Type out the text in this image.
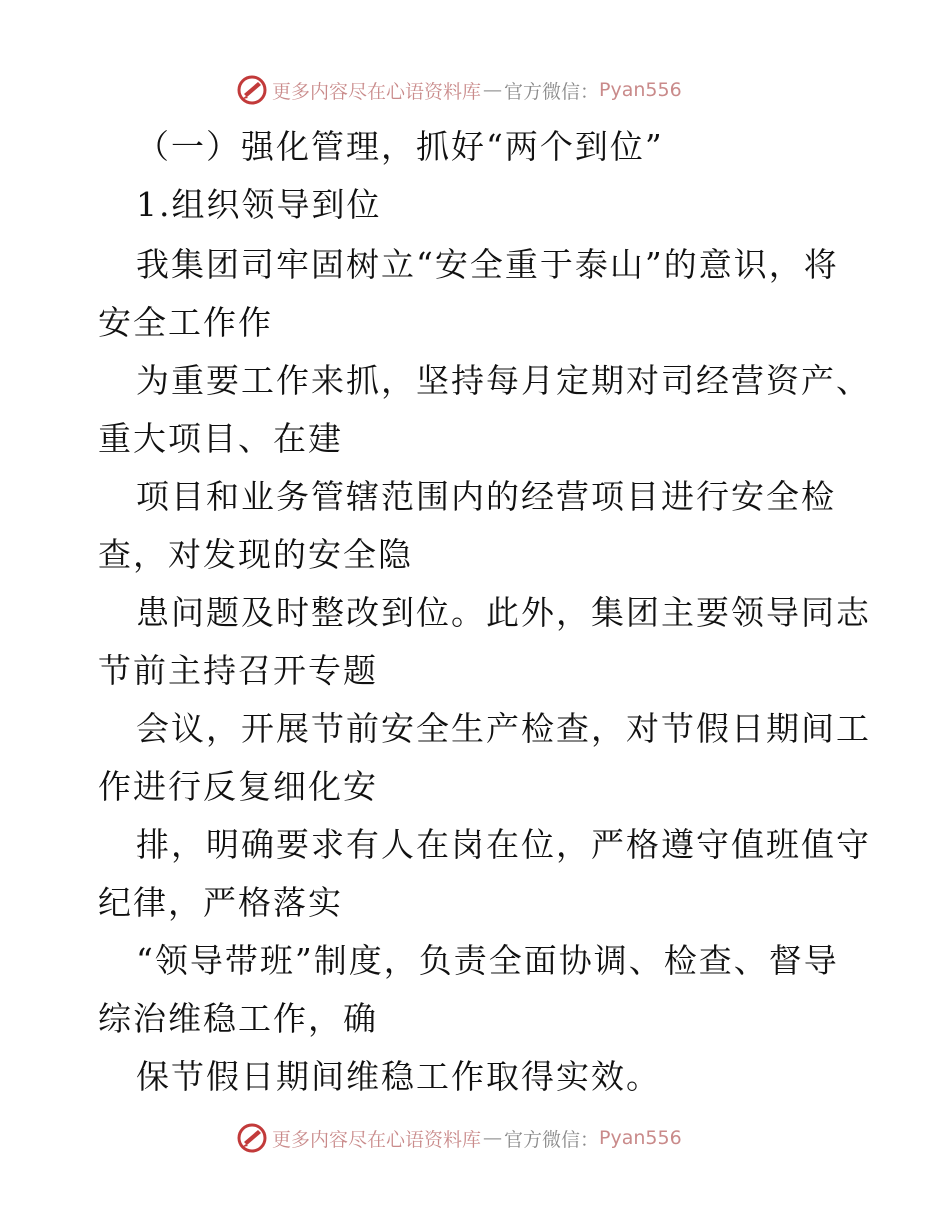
更多内容尽在心语资料库 — 官方微信： Pyan556
（一）强化管理，抓好“两个到位”
1.组织领导到位
我集团司牢固树立“安全重于泰山”的意识，将
安全工作作
为重要工作来抓，坚持每月定期对司经营资产、
重大项目、在建
项目和业务管辖范围内的经营项目进行安全检
查，对发现的安全隐
患问题及时整改到位。此外，集团主要领导同志
节前主持召开专题
会议，开展节前安全生产检查，对节假日期间工
作进行反复细化安
排，明确要求有人在岗在位，严格遵守值班值守
纪律，严格落实
“领导带班”制度，负责全面协调、检查、督导
综治维稳工作，确
保节假日期间维稳工作取得实效。
更多内容尽在心语资料库 — 官方微信： Pyan556
